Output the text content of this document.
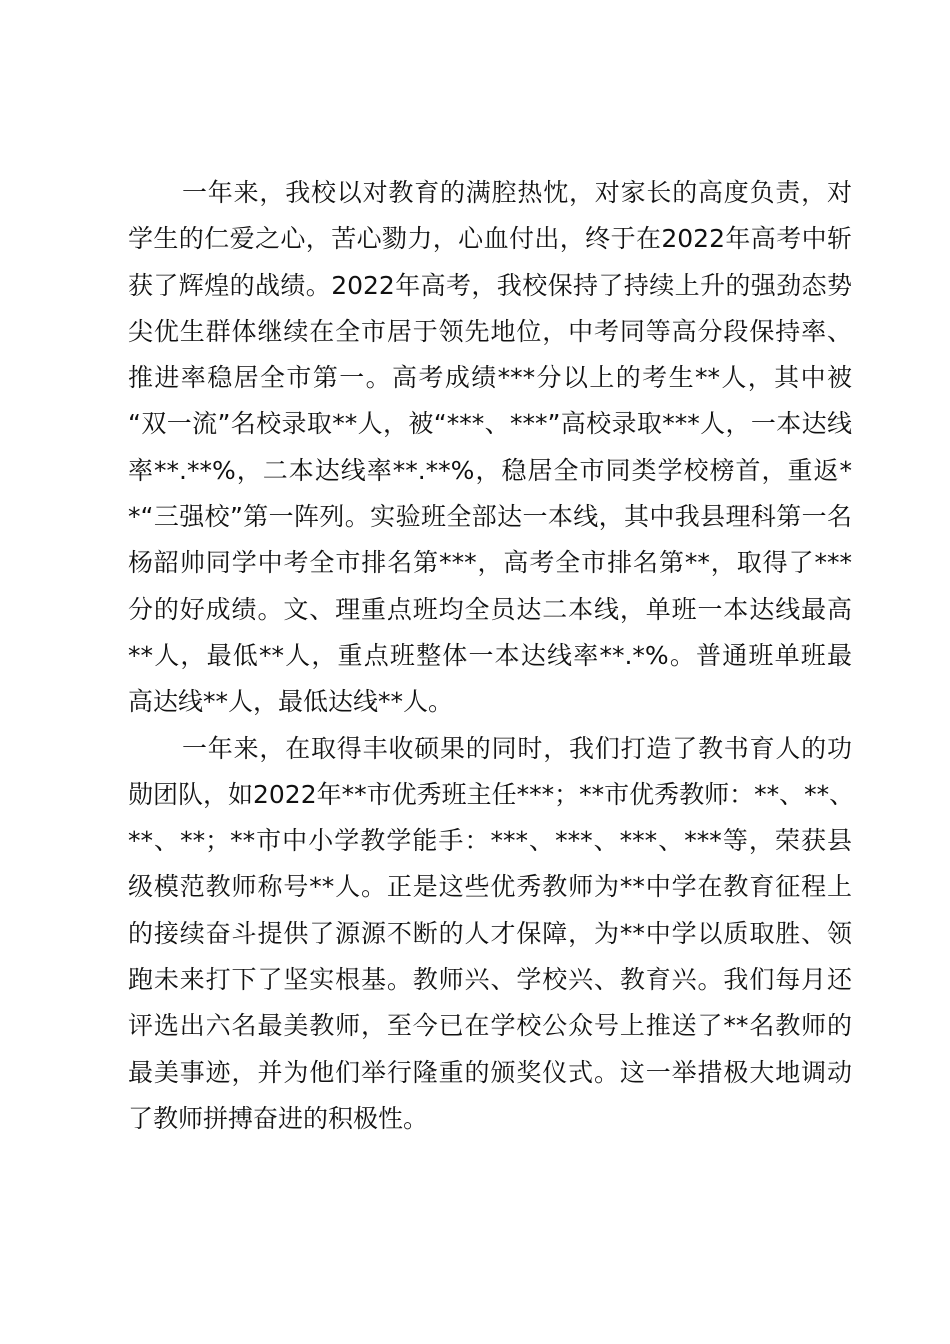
一年来，我校以对教育的满腔热忱，对家长的高度负责，对
学生的仁爱之心，苦心勠力，心血付出，终于在2022年高考中斩
获了辉煌的战绩。2022年高考，我校保持了持续上升的强劲态势
尖优生群体继续在全市居于领先地位，中考同等高分段保持率、
推进率稳居全市第一。高考成绩***分以上的考生**人，其中被
“双一流”名校录取**人，被“***、***”高校录取***人，一本达线
率**.**%，二本达线率**.**%，稳居全市同类学校榜首，重返*
*“三强校”第一阵列。实验班全部达一本线，其中我县理科第一名
杨韶帅同学中考全市排名第***，高考全市排名第**，取得了***
分的好成绩。文、理重点班均全员达二本线，单班一本达线最高
**人，最低**人，重点班整体一本达线率**.*%。普通班单班最
高达线**人，最低达线**人。
一年来，在取得丰收硕果的同时，我们打造了教书育人的功
勋团队，如2022年**市优秀班主任***；**市优秀教师：**、**、
**、**；**市中小学教学能手：***、***、***、***等，荣获县
级模范教师称号**人。正是这些优秀教师为**中学在教育征程上
的接续奋斗提供了源源不断的人才保障，为**中学以质取胜、领
跑未来打下了坚实根基。教师兴、学校兴、教育兴。我们每月还
评选出六名最美教师，至今已在学校公众号上推送了**名教师的
最美事迹，并为他们举行隆重的颁奖仪式。这一举措极大地调动
了教师拼搏奋进的积极性。
